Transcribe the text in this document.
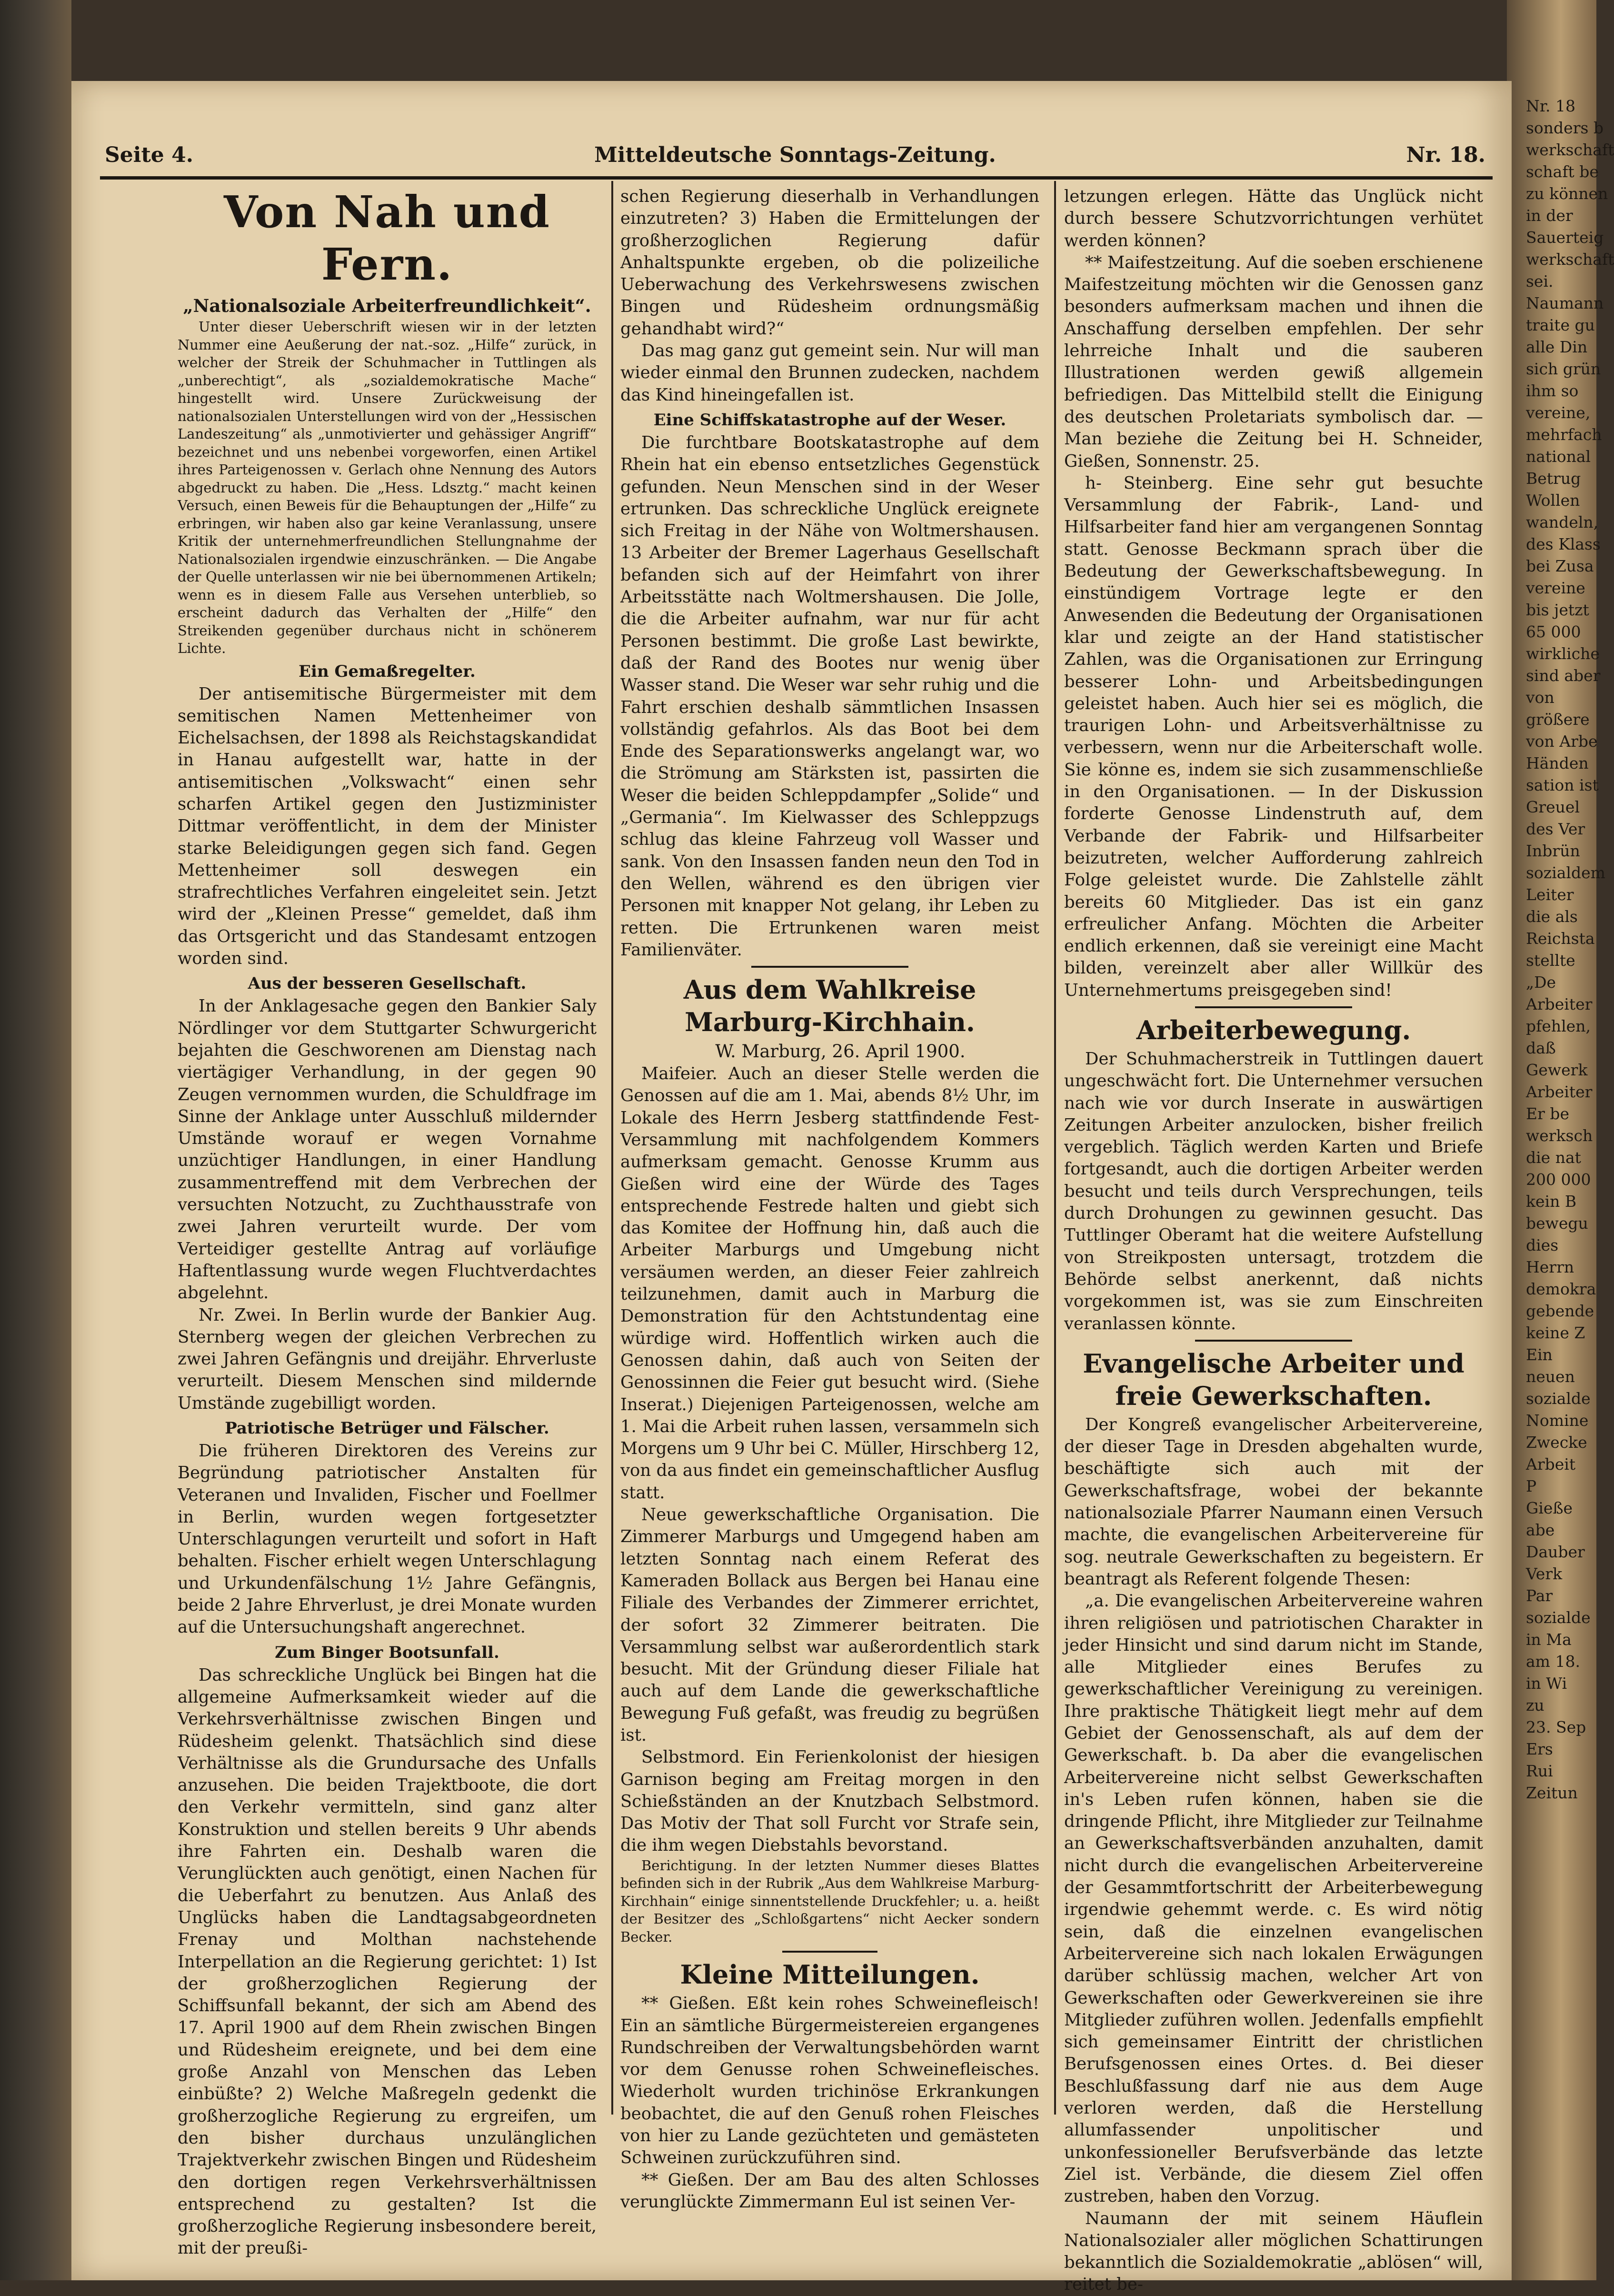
Seite 4.	Mitteldeutsche Sonntags-Zeitung.	Nr. 18.
Von Nah und Fern.
„Nationalsoziale Arbeiterfreundlichkeit“.

Unter dieser Ueberschrift wiesen wir in der letzten Nummer eine Aeußerung der nat.-soz. „Hilfe“ zurück, in welcher der Streik der Schuhmacher in Tuttlingen als „unberechtigt“, als „sozialdemokratische Mache“ hingestellt wird. Unsere Zurückweisung der nationalsozialen Unterstellungen wird von der „Hessischen Landeszeitung“ als „unmotivierter und gehässiger Angriff“ bezeichnet und uns nebenbei vorgeworfen, einen Artikel ihres Parteigenossen v. Gerlach ohne Nennung des Autors abgedruckt zu haben. Die „Hess. Ldsztg.“ macht keinen Versuch, einen Beweis für die Behauptungen der „Hilfe“ zu erbringen, wir haben also gar keine Veranlassung, unsere Kritik der unternehmerfreundlichen Stellungnahme der Nationalsozialen irgendwie einzuschränken. — Die Angabe der Quelle unterlassen wir nie bei übernommenen Artikeln; wenn es in diesem Falle aus Versehen unterblieb, so erscheint dadurch das Verhalten der „Hilfe“ den Streikenden gegenüber durchaus nicht in schönerem Lichte.

Ein Gemaßregelter.

Der antisemitische Bürgermeister mit dem semitischen Namen Mettenheimer von Eichelsachsen, der 1898 als Reichstagskandidat in Hanau aufgestellt war, hatte in der antisemitischen „Volkswacht“ einen sehr scharfen Artikel gegen den Justizminister Dittmar veröffentlicht, in dem der Minister starke Beleidigungen gegen sich fand. Gegen Mettenheimer soll deswegen ein strafrechtliches Verfahren eingeleitet sein. Jetzt wird der „Kleinen Presse“ gemeldet, daß ihm das Ortsgericht und das Standesamt entzogen worden sind.

Aus der besseren Gesellschaft.

In der Anklagesache gegen den Bankier Saly Nördlinger vor dem Stuttgarter Schwurgericht bejahten die Geschworenen am Dienstag nach viertägiger Verhandlung, in der gegen 90 Zeugen vernommen wurden, die Schuldfrage im Sinne der Anklage unter Ausschluß mildernder Umstände worauf er wegen Vornahme unzüchtiger Handlungen, in einer Handlung zusammentreffend mit dem Verbrechen der versuchten Notzucht, zu Zuchthausstrafe von zwei Jahren verurteilt wurde. Der vom Verteidiger gestellte Antrag auf vorläufige Haftentlassung wurde wegen Fluchtverdachtes abgelehnt.

Nr. Zwei. In Berlin wurde der Bankier Aug. Sternberg wegen der gleichen Verbrechen zu zwei Jahren Gefängnis und dreijähr. Ehrverluste verurteilt. Diesem Menschen sind mildernde Umstände zugebilligt worden.

Patriotische Betrüger und Fälscher.

Die früheren Direktoren des Vereins zur Begründung patriotischer Anstalten für Veteranen und Invaliden, Fischer und Foellmer in Berlin, wurden wegen fortgesetzter Unterschlagungen verurteilt und sofort in Haft behalten. Fischer erhielt wegen Unterschlagung und Urkundenfälschung 1½ Jahre Gefängnis, beide 2 Jahre Ehrverlust, je drei Monate wurden auf die Untersuchungshaft angerechnet.

Zum Binger Bootsunfall.

Das schreckliche Unglück bei Bingen hat die allgemeine Aufmerksamkeit wieder auf die Verkehrsverhältnisse zwischen Bingen und Rüdesheim gelenkt. Thatsächlich sind diese Verhältnisse als die Grundursache des Unfalls anzusehen. Die beiden Trajektboote, die dort den Verkehr vermitteln, sind ganz alter Konstruktion und stellen bereits 9 Uhr abends ihre Fahrten ein. Deshalb waren die Verunglückten auch genötigt, einen Nachen für die Ueberfahrt zu benutzen. Aus Anlaß des Unglücks haben die Landtagsabgeordneten Frenay und Molthan nachstehende Interpellation an die Regierung gerichtet: 1) Ist der großherzoglichen Regierung der Schiffsunfall bekannt, der sich am Abend des 17. April 1900 auf dem Rhein zwischen Bingen und Rüdesheim ereignete, und bei dem eine große Anzahl von Menschen das Leben einbüßte? 2) Welche Maßregeln gedenkt die großherzogliche Regierung zu ergreifen, um den bisher durchaus unzulänglichen Trajektverkehr zwischen Bingen und Rüdesheim den dortigen regen Verkehrsverhältnissen entsprechend zu gestalten? Ist die großherzogliche Regierung insbesondere bereit, mit der preußi-

schen Regierung dieserhalb in Verhandlungen einzutreten? 3) Haben die Ermittelungen der großherzoglichen Regierung dafür Anhaltspunkte ergeben, ob die polizeiliche Ueberwachung des Verkehrswesens zwischen Bingen und Rüdesheim ordnungsmäßig gehandhabt wird?“

Das mag ganz gut gemeint sein. Nur will man wieder einmal den Brunnen zudecken, nachdem das Kind hineingefallen ist.

Eine Schiffskatastrophe auf der Weser.

Die furchtbare Bootskatastrophe auf dem Rhein hat ein ebenso entsetzliches Gegenstück gefunden. Neun Menschen sind in der Weser ertrunken. Das schreckliche Unglück ereignete sich Freitag in der Nähe von Woltmershausen. 13 Arbeiter der Bremer Lagerhaus Gesellschaft befanden sich auf der Heimfahrt von ihrer Arbeitsstätte nach Woltmershausen. Die Jolle, die die Arbeiter aufnahm, war nur für acht Personen bestimmt. Die große Last bewirkte, daß der Rand des Bootes nur wenig über Wasser stand. Die Weser war sehr ruhig und die Fahrt erschien deshalb sämmtlichen Insassen vollständig gefahrlos. Als das Boot bei dem Ende des Separationswerks angelangt war, wo die Strömung am Stärksten ist, passirten die Weser die beiden Schleppdampfer „Solide“ und „Germania“. Im Kielwasser des Schleppzugs schlug das kleine Fahrzeug voll Wasser und sank. Von den Insassen fanden neun den Tod in den Wellen, während es den übrigen vier Personen mit knapper Not gelang, ihr Leben zu retten. Die Ertrunkenen waren meist Familienväter.

Aus dem Wahlkreise Marburg-Kirchhain.

W. Marburg, 26. April 1900.

Maifeier. Auch an dieser Stelle werden die Genossen auf die am 1. Mai, abends 8½ Uhr, im Lokale des Herrn Jesberg stattfindende Fest-Versammlung mit nachfolgendem Kommers aufmerksam gemacht. Genosse Krumm aus Gießen wird eine der Würde des Tages entsprechende Festrede halten und giebt sich das Komitee der Hoffnung hin, daß auch die Arbeiter Marburgs und Umgebung nicht versäumen werden, an dieser Feier zahlreich teilzunehmen, damit auch in Marburg die Demonstration für den Achtstundentag eine würdige wird. Hoffentlich wirken auch die Genossen dahin, daß auch von Seiten der Genossinnen die Feier gut besucht wird. (Siehe Inserat.) Diejenigen Parteigenossen, welche am 1. Mai die Arbeit ruhen lassen, versammeln sich Morgens um 9 Uhr bei C. Müller, Hirschberg 12, von da aus findet ein gemeinschaftlicher Ausflug statt.

Neue gewerkschaftliche Organisation. Die Zimmerer Marburgs und Umgegend haben am letzten Sonntag nach einem Referat des Kameraden Bollack aus Bergen bei Hanau eine Filiale des Verbandes der Zimmerer errichtet, der sofort 32 Zimmerer beitraten. Die Versammlung selbst war außerordentlich stark besucht. Mit der Gründung dieser Filiale hat auch auf dem Lande die gewerkschaftliche Bewegung Fuß gefaßt, was freudig zu begrüßen ist.

Selbstmord. Ein Ferienkolonist der hiesigen Garnison beging am Freitag morgen in den Schießständen an der Knutzbach Selbstmord. Das Motiv der That soll Furcht vor Strafe sein, die ihm wegen Diebstahls bevorstand.

Berichtigung. In der letzten Nummer dieses Blattes befinden sich in der Rubrik „Aus dem Wahlkreise Marburg-Kirchhain“ einige sinnentstellende Druckfehler; u. a. heißt der Besitzer des „Schloßgartens“ nicht Aecker sondern Becker.

Kleine Mitteilungen.

** Gießen. Eßt kein rohes Schweinefleisch! Ein an sämtliche Bürgermeistereien ergangenes Rundschreiben der Verwaltungsbehörden warnt vor dem Genusse rohen Schweinefleisches. Wiederholt wurden trichinöse Erkrankungen beobachtet, die auf den Genuß rohen Fleisches von hier zu Lande gezüchteten und gemästeten Schweinen zurückzuführen sind.

** Gießen. Der am Bau des alten Schlosses verunglückte Zimmermann Eul ist seinen Ver-

letzungen erlegen. Hätte das Unglück nicht durch bessere Schutzvorrichtungen verhütet werden können?

** Maifestzeitung. Auf die soeben erschienene Maifestzeitung möchten wir die Genossen ganz besonders aufmerksam machen und ihnen die Anschaffung derselben empfehlen. Der sehr lehrreiche Inhalt und die sauberen Illustrationen werden gewiß allgemein befriedigen. Das Mittelbild stellt die Einigung des deutschen Proletariats symbolisch dar. — Man beziehe die Zeitung bei H. Schneider, Gießen, Sonnenstr. 25.

h- Steinberg. Eine sehr gut besuchte Versammlung der Fabrik-, Land- und Hilfsarbeiter fand hier am vergangenen Sonntag statt. Genosse Beckmann sprach über die Bedeutung der Gewerkschaftsbewegung. In einstündigem Vortrage legte er den Anwesenden die Bedeutung der Organisationen klar und zeigte an der Hand statistischer Zahlen, was die Organisationen zur Erringung besserer Lohn- und Arbeitsbedingungen geleistet haben. Auch hier sei es möglich, die traurigen Lohn- und Arbeitsverhältnisse zu verbessern, wenn nur die Arbeiterschaft wolle. Sie könne es, indem sie sich zusammenschließe in den Organisationen. — In der Diskussion forderte Genosse Lindenstruth auf, dem Verbande der Fabrik- und Hilfsarbeiter beizutreten, welcher Aufforderung zahlreich Folge geleistet wurde. Die Zahlstelle zählt bereits 60 Mitglieder. Das ist ein ganz erfreulicher Anfang. Möchten die Arbeiter endlich erkennen, daß sie vereinigt eine Macht bilden, vereinzelt aber aller Willkür des Unternehmertums preisgegeben sind!

Arbeiterbewegung.

Der Schuhmacherstreik in Tuttlingen dauert ungeschwächt fort. Die Unternehmer versuchen nach wie vor durch Inserate in auswärtigen Zeitungen Arbeiter anzulocken, bisher freilich vergeblich. Täglich werden Karten und Briefe fortgesandt, auch die dortigen Arbeiter werden besucht und teils durch Versprechungen, teils durch Drohungen zu gewinnen gesucht. Das Tuttlinger Oberamt hat die weitere Aufstellung von Streikposten untersagt, trotzdem die Behörde selbst anerkennt, daß nichts vorgekommen ist, was sie zum Einschreiten veranlassen könnte.

Evangelische Arbeiter und freie Gewerkschaften.

Der Kongreß evangelischer Arbeitervereine, der dieser Tage in Dresden abgehalten wurde, beschäftigte sich auch mit der Gewerkschaftsfrage, wobei der bekannte nationalsoziale Pfarrer Naumann einen Versuch machte, die evangelischen Arbeitervereine für sog. neutrale Gewerkschaften zu begeistern. Er beantragt als Referent folgende Thesen:

„a. Die evangelischen Arbeitervereine wahren ihren religiösen und patriotischen Charakter in jeder Hinsicht und sind darum nicht im Stande, alle Mitglieder eines Berufes zu gewerkschaftlicher Vereinigung zu vereinigen. Ihre praktische Thätigkeit liegt mehr auf dem Gebiet der Genossenschaft, als auf dem der Gewerkschaft. b. Da aber die evangelischen Arbeitervereine nicht selbst Gewerkschaften in's Leben rufen können, haben sie die dringende Pflicht, ihre Mitglieder zur Teilnahme an Gewerkschaftsverbänden anzuhalten, damit nicht durch die evangelischen Arbeitervereine der Gesammtfortschritt der Arbeiterbewegung irgendwie gehemmt werde. c. Es wird nötig sein, daß die einzelnen evangelischen Arbeitervereine sich nach lokalen Erwägungen darüber schlüssig machen, welcher Art von Gewerkschaften oder Gewerkvereinen sie ihre Mitglieder zuführen wollen. Jedenfalls empfiehlt sich gemeinsamer Eintritt der christlichen Berufsgenossen eines Ortes. d. Bei dieser Beschlußfassung darf nie aus dem Auge verloren werden, daß die Herstellung allumfassender unpolitischer und unkonfessioneller Berufsverbände das letzte Ziel ist. Verbände, die diesem Ziel offen zustreben, haben den Vorzug.

Naumann der mit seinem Häuflein Nationalsozialer aller möglichen Schattirungen bekanntlich die Sozialdemokratie „ablösen“ will, reitet be-

Nr. 18
sonders b
werkschaft
schaft be
zu können
in der
Sauerteig
werkschaft
sei.
Naumann
traite gu
alle Din
sich grün
ihm so
vereine,
mehrfach
national
Betrug
Wollen
wandeln,
des Klass
bei Zusa
vereine
bis jetzt
65 000
wirkliche
sind aber
von
größere
von Arbe
Händen
sation ist
Greuel
des Ver
Inbrün
sozialdem
Leiter
die als
Reichsta
stellte
„De
Arbeiter
pfehlen,
daß
Gewerk
Arbeiter
Er be
werksch
die nat
200 000
kein B
bewegu
dies
Herrn
demokra
gebende
keine Z
Ein
neuen
sozialde
Nomine
Zwecke
Arbeit
P
Gieße
abe
Dauber
Verk
Par
sozialde
in Ma
am 18.
in Wi
zu
23. Sep
Ers
Rui
Zeitun
